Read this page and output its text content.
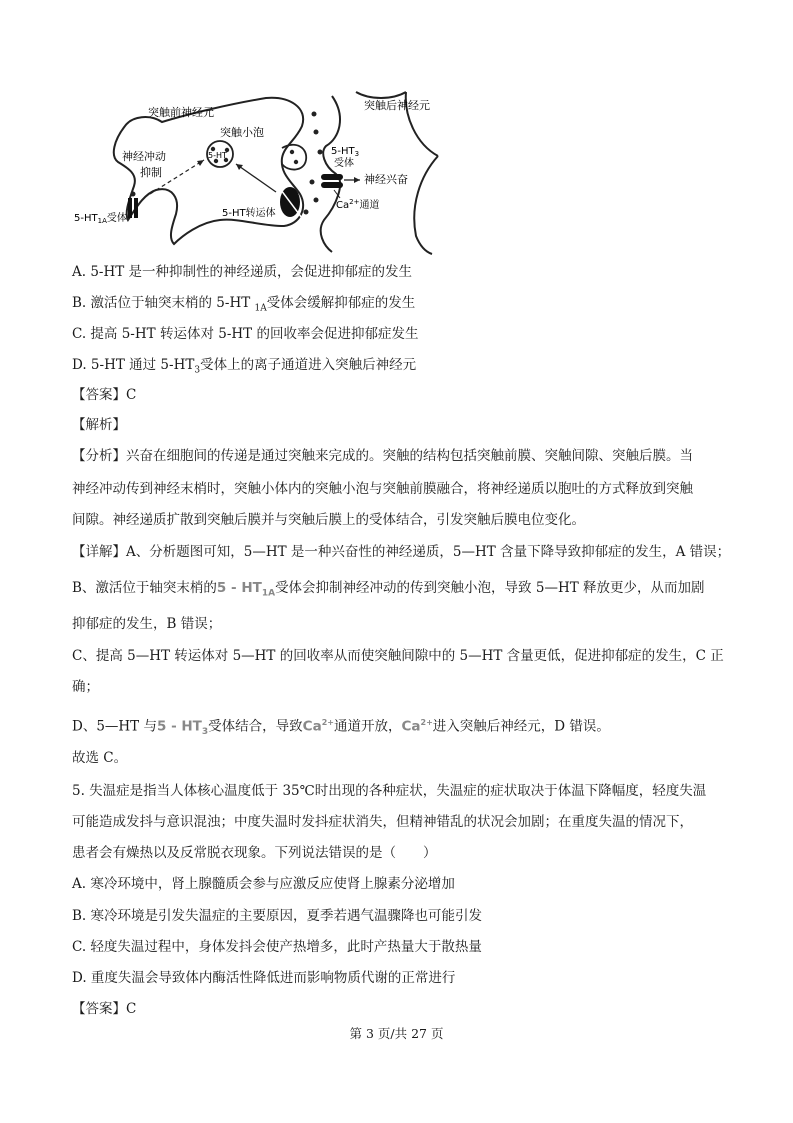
突触前神经元
突触后神经元
神经冲动
抑制
突触小泡
5-HT	$5-HT_3$
受体
神经兴奋
$Ca^{2+}$通道
5-HT转运体
$5-HT_{1A}$受体
A. 5-HT 是一种抑制性的神经递质，会促进抑郁症的发生
B. 激活位于轴突末梢的 5-HT $_{1A}$受体会缓解抑郁症的发生
C. 提高 5-HT 转运体对 5-HT 的回收率会促进抑郁症发生
D. 5-HT 通过 $5-HT_3$受体上的离子通道进入突触后神经元
【答案】C
【解析】
【分析】兴奋在细胞间的传递是通过突触来完成的。突触的结构包括突触前膜、突触间隙、突触后膜。当
神经冲动传到神经末梢时，突触小体内的突触小泡与突触前膜融合，将神经递质以胞吐的方式释放到突触
间隙。神经递质扩散到突触后膜并与突触后膜上的受体结合，引发突触后膜电位变化。
【详解】A、分析题图可知，5—HT 是一种兴奋性的神经递质，5—HT 含量下降导致抑郁症的发生，A 错误；
B、激活位于轴突末梢的$5 - HT_{1A}$受体会抑制神经冲动的传到突触小泡，导致 5—HT 释放更少，从而加剧
抑郁症的发生，B 错误；
C、提高 5—HT 转运体对 5—HT 的回收率从而使突触间隙中的 5—HT 含量更低，促进抑郁症的发生，C 正
确；
D、5—HT 与$5 - HT_3$受体结合，导致$Ca^{2+}$通道开放，$Ca^{2+}$进入突触后神经元，D 错误。
故选 C。
5. 失温症是指当人体核心温度低于 35℃时出现的各种症状，失温症的症状取决于体温下降幅度，轻度失温
可能造成发抖与意识混浊；中度失温时发抖症状消失，但精神错乱的状况会加剧；在重度失温的情况下，
患者会有燥热以及反常脱衣现象。下列说法错误的是（　　）
A. 寒冷环境中，肾上腺髓质会参与应激反应使肾上腺素分泌增加
B. 寒冷环境是引发失温症的主要原因，夏季若遇气温骤降也可能引发
C. 轻度失温过程中，身体发抖会使产热增多，此时产热量大于散热量
D. 重度失温会导致体内酶活性降低进而影响物质代谢的正常进行
【答案】C
第 3 页/共 27 页
